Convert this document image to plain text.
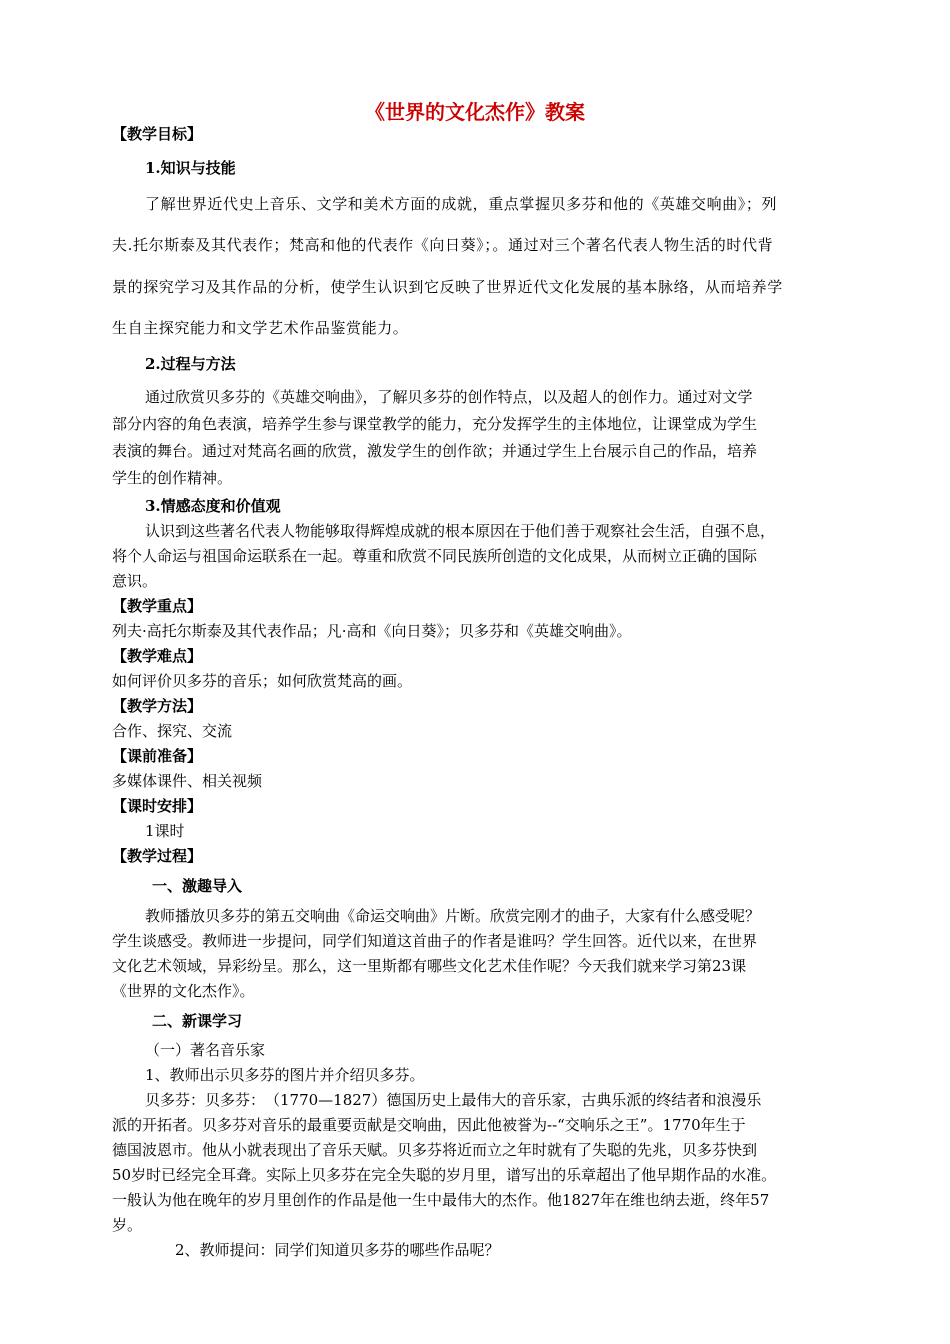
《世界的文化杰作》教案
【教学目标】
1.知识与技能
了解世界近代史上音乐、文学和美术方面的成就，重点掌握贝多芬和他的《英雄交响曲》；列
夫.托尔斯泰及其代表作；梵高和他的代表作《向日葵》；。通过对三个著名代表人物生活的时代背
景的探究学习及其作品的分析，使学生认识到它反映了世界近代文化发展的基本脉络，从而培养学
生自主探究能力和文学艺术作品鉴赏能力。
2.过程与方法
通过欣赏贝多芬的《英雄交响曲》，了解贝多芬的创作特点，以及超人的创作力。通过对文学
部分内容的角色表演，培养学生参与课堂教学的能力，充分发挥学生的主体地位，让课堂成为学生
表演的舞台。通过对梵高名画的欣赏，激发学生的创作欲；并通过学生上台展示自己的作品，培养
学生的创作精神。
3.情感态度和价值观
认识到这些著名代表人物能够取得辉煌成就的根本原因在于他们善于观察社会生活，自强不息，
将个人命运与祖国命运联系在一起。尊重和欣赏不同民族所创造的文化成果，从而树立正确的国际
意识。
【教学重点】
列夫·高托尔斯泰及其代表作品；凡·高和《向日葵》；贝多芬和《英雄交响曲》。
【教学难点】
如何评价贝多芬的音乐；如何欣赏梵高的画。
【教学方法】
合作、探究、交流
【课前准备】
多媒体课件、相关视频
【课时安排】
1课时
【教学过程】
一、激趣导入
教师播放贝多芬的第五交响曲《命运交响曲》片断。欣赏完刚才的曲子，大家有什么感受呢？
学生谈感受。教师进一步提问，同学们知道这首曲子的作者是谁吗？学生回答。近代以来，在世界
文化艺术领域，异彩纷呈。那么，这一里斯都有哪些文化艺术佳作呢？今天我们就来学习第23课
《世界的文化杰作》。
二、新课学习
（一）著名音乐家
1、教师出示贝多芬的图片并介绍贝多芬。
贝多芬：贝多芬：　（1770—1827）德国历史上最伟大的音乐家，古典乐派的终结者和浪漫乐
派的开拓者。贝多芬对音乐的最重要贡献是交响曲，因此他被誉为--“交响乐之王”。1770年生于
德国波恩市。他从小就表现出了音乐天赋。贝多芬将近而立之年时就有了失聪的先兆，贝多芬快到
50岁时已经完全耳聋。实际上贝多芬在完全失聪的岁月里，谱写出的乐章超出了他早期作品的水准。
一般认为他在晚年的岁月里创作的作品是他一生中最伟大的杰作。他1827年在维也纳去逝，终年57
岁。
2、教师提问：同学们知道贝多芬的哪些作品呢？
